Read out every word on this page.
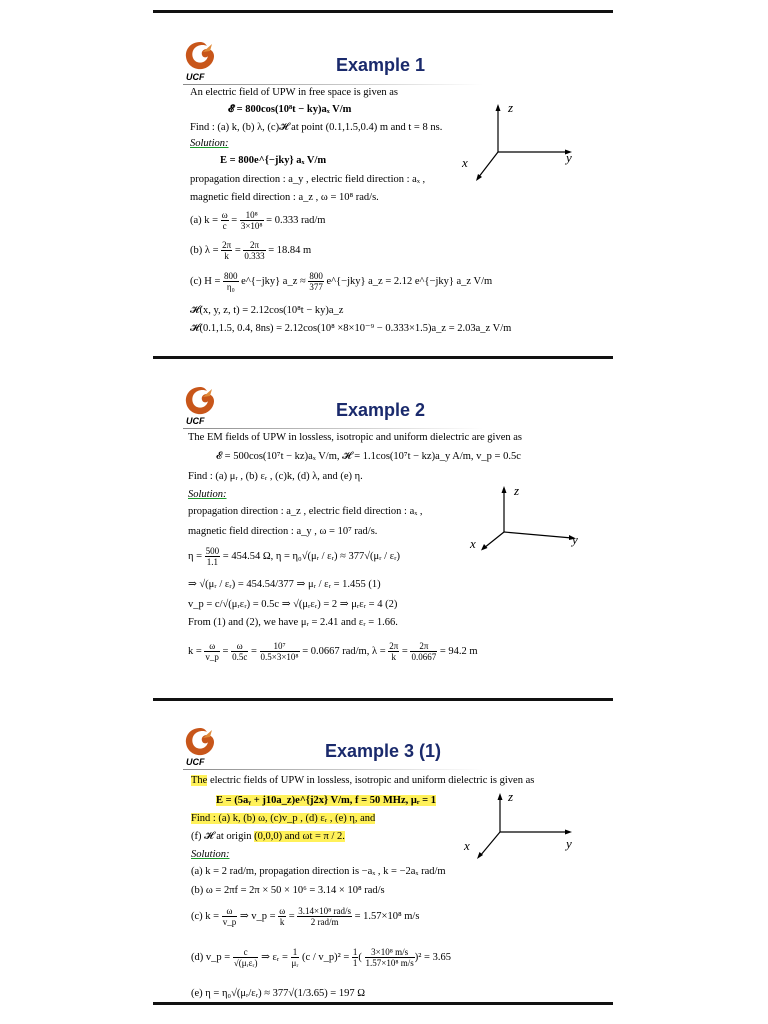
UCF
Example 1
An electric field of UPW in free space is given as
𝓔 = 800cos(10⁸t − ky)aₓ V/m
Find : (a) k, (b) λ, (c)𝓗 at point (0.1,1.5,0.4) m and t = 8 ns.
Solution:
E = 800e^{−jky} aₓ V/m
propagation direction : a_y , electric field direction : aₓ ,
magnetic field direction : a_z , ω = 10⁸ rad/s.
(a) $k = \frac{\omega}{c} = \frac{\text{10⁸}}{\text{3×10⁸}} = 0.333$ rad/m
(b) $\lambda = \frac{2\pi}{k} = \frac{2\pi}{0.333} = 18.84$ m
(c) $H = \frac{800}{\text{η₀}}$ e^{−jky} a_z ≈ $\frac{800}{377}$ e^{−jky} a_z = 2.12 e^{−jky} a_z V/m
𝓗(x, y, z, t) = 2.12cos(10⁸t − ky)a_z
𝓗(0.1,1.5, 0.4, 8ns) = 2.12cos(10⁸ ×8×10⁻⁹ − 0.333×1.5)a_z = 2.03a_z V/m
z
y
x
UCF
Example 2
The EM fields of UPW in lossless, isotropic and uniform dielectric are given as
𝓔 = 500cos(10⁷t − kz)aₓ V/m, 𝓗 = 1.1cos(10⁷t − kz)a_y A/m, v_p = 0.5c
Find : (a) μᵣ , (b) εᵣ , (c)k, (d) λ, and (e) η.
Solution:
propagation direction : a_z , electric field direction : aₓ ,
magnetic field direction : a_y , ω = 10⁷ rad/s.
$\eta = \frac{500}{1.1} = 454.54$ Ω, η = η₀√(μᵣ / εᵣ) ≈ 377√(μᵣ / εᵣ)
⇒ √(μᵣ / εᵣ) = 454.54/377 ⇒ μᵣ / εᵣ = 1.455 (1)
v_p = c/√(μᵣεᵣ) = 0.5c ⇒ √(μᵣεᵣ) = 2 ⇒ μᵣεᵣ = 4 (2)
From (1) and (2), we have μᵣ = 2.41 and εᵣ = 1.66.
$k = \frac{\omega}{v\_p} = \frac{\omega}{0.5c} = \frac{\text{10⁷}}{\text{0.5×3×10⁸}} = 0.0667$ rad/m, $\lambda = \frac{2\pi}{k} = \frac{2\pi}{0.0667} = 94.2$ m
z
y
x
UCF
Example 3 (1)
The electric fields of UPW in lossless, isotropic and uniform dielectric is given as
E = (5aᵧ + j10a_z)e^{j2x} V/m, f = 50 MHz, μᵣ = 1
Find : (a) k, (b) ω, (c)v_p , (d) εᵣ , (e) η, and
(f) 𝓗 at origin (0,0,0) and ωt = π / 2.
Solution:
(a) k = 2 rad/m, propagation direction is −aₓ , k = −2aₓ rad/m
(b) ω = 2πf = 2π × 50 × 10⁶ = 3.14 × 10⁸ rad/s
(c) $k = \frac{\omega}{v\_p}$ ⇒ v_p = $\frac{\omega}{k} = \frac{\text{3.14×10⁸ rad/s}}{\text{2 rad/m}} = 1.57\times 10^8$ m/s
(d) v_p = $\frac{c}{\text{√(μᵣεᵣ)}}$ ⇒ εᵣ = $\frac{1}{\text{μᵣ}} (c$ / v_p)² = $\frac{1}{1}$ ( $\frac{\text{3×10⁸ m/s}}{\text{1.57×10⁸ m/s}} )^2 = 3.65$
(e) η = η₀√(μᵣ/εᵣ) ≈ 377√(1/3.65) = 197 Ω
z
y
x
